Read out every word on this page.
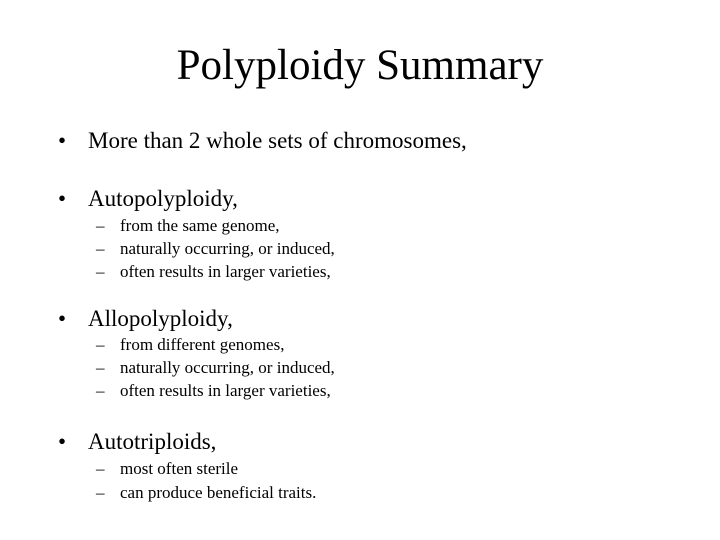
Polyploidy Summary
• More than 2 whole sets of chromosomes,
• Autopolyploidy,
– from the same genome,
– naturally occurring, or induced,
– often results in larger varieties,
• Allopolyploidy,
– from different genomes,
– naturally occurring, or induced,
– often results in larger varieties,
• Autotriploids,
– most often sterile
– can produce beneficial traits.
